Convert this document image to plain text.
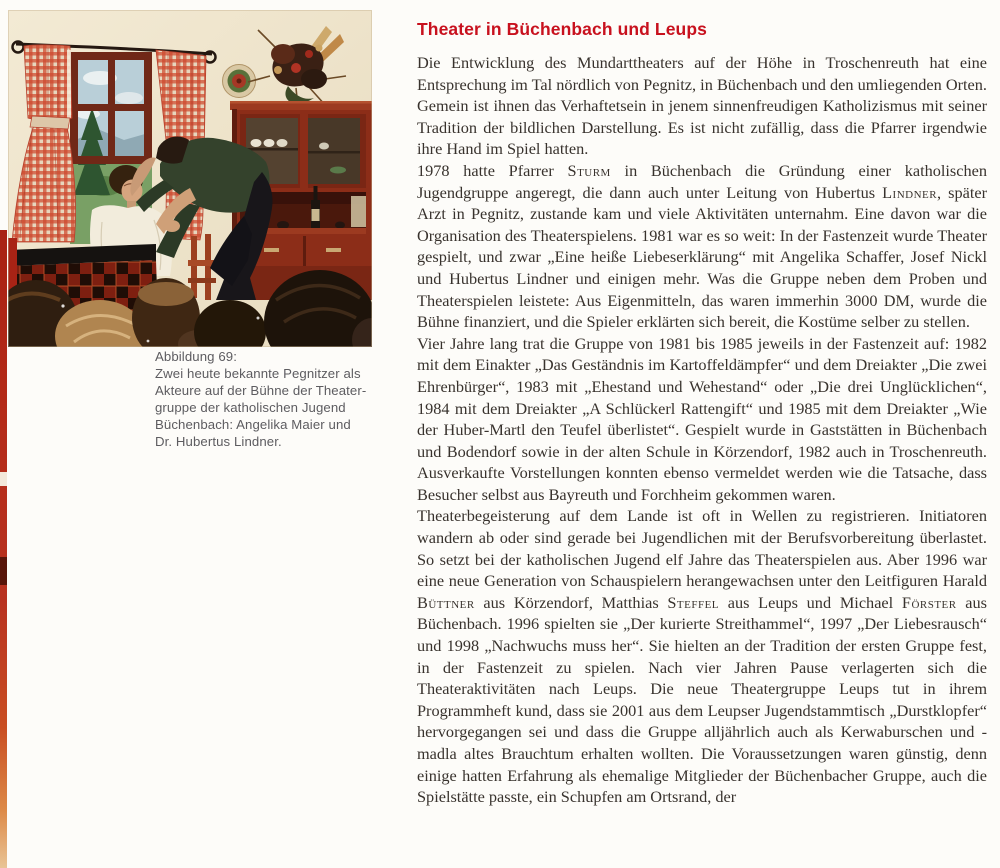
Abbildung 69:
Zwei heute bekannte Pegnitzer als
Akteure auf der Bühne der Theater-
gruppe der katholischen Jugend
Büchenbach: Angelika Maier und
Dr. Hubertus Lindner.
Theater in Büchenbach und Leups

Die Entwicklung des Mundarttheaters auf der Höhe in Troschenreuth hat eine Entsprechung im Tal nördlich von Pegnitz, in Büchenbach und den umliegenden Orten. Gemein ist ihnen das Verhaftetsein in jenem sinnenfreudigen Katholizismus mit seiner Tradition der bildlichen Darstellung. Es ist nicht zufällig, dass die Pfarrer irgendwie ihre Hand im Spiel hatten.

1978 hatte Pfarrer Sturm in Büchenbach die Gründung einer katholischen Jugendgruppe angeregt, die dann auch unter Leitung von Hubertus Lindner, später Arzt in Pegnitz, zustande kam und viele Aktivitäten unternahm. Eine davon war die Organisation des Theaterspielens. 1981 war es so weit: In der Fastenzeit wurde Theater gespielt, und zwar „Eine heiße Liebeserklärung“ mit Angelika Schaffer, Josef Nickl und Hubertus Lindner und einigen mehr. Was die Gruppe neben dem Proben und Theaterspielen leistete: Aus Eigenmitteln, das waren immerhin 3000 DM, wurde die Bühne finanziert, und die Spieler erklärten sich bereit, die Kostüme selber zu stellen.

Vier Jahre lang trat die Gruppe von 1981 bis 1985 jeweils in der Fastenzeit auf: 1982 mit dem Einakter „Das Geständnis im Kartoffeldämpfer“ und dem Dreiakter „Die zwei Ehrenbürger“, 1983 mit „Ehestand und Wehestand“ oder „Die drei Unglücklichen“, 1984 mit dem Dreiakter „A Schlückerl Rattengift“ und 1985 mit dem Dreiakter „Wie der Huber-Martl den Teufel überlistet“. Gespielt wurde in Gaststätten in Büchenbach und Bodendorf sowie in der alten Schule in Körzendorf, 1982 auch in Troschenreuth. Ausverkaufte Vorstellungen konnten ebenso vermeldet werden wie die Tatsache, dass Besucher selbst aus Bayreuth und Forchheim gekommen waren.

Theaterbegeisterung auf dem Lande ist oft in Wellen zu registrieren. Initiatoren wandern ab oder sind gerade bei Jugendlichen mit der Berufsvorbereitung überlastet. So setzt bei der katholischen Jugend elf Jahre das Theaterspielen aus. Aber 1996 war eine neue Generation von Schauspielern herangewachsen unter den Leitfiguren Harald Büttner aus Körzendorf, Matthias Steffel aus Leups und Michael Förster aus Büchenbach. 1996 spielten sie „Der kurierte Streithammel“, 1997 „Der Liebesrausch“ und 1998 „Nachwuchs muss her“. Sie hielten an der Tradition der ersten Gruppe fest, in der Fastenzeit zu spielen. Nach vier Jahren Pause verlagerten sich die Theateraktivitäten nach Leups. Die neue Theatergruppe Leups tut in ihrem Programmheft kund, dass sie 2001 aus dem Leupser Jugendstammtisch „Durstklopfer“ hervorgegangen sei und dass die Gruppe alljährlich auch als Kerwaburschen und -madla altes Brauchtum erhalten wollten. Die Voraussetzungen waren günstig, denn einige hatten Erfahrung als ehemalige Mitglieder der Büchenbacher Gruppe, auch die Spielstätte passte, ein Schupfen am Ortsrand, der
